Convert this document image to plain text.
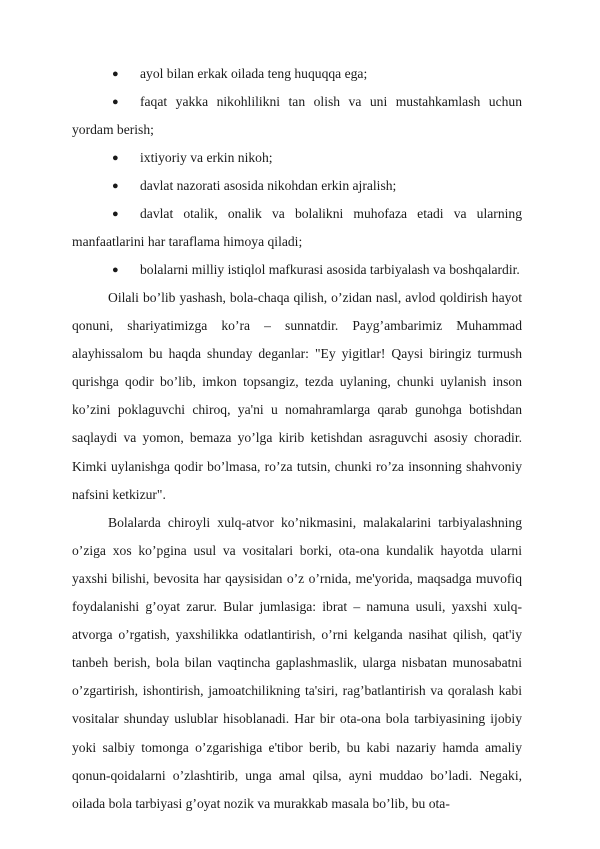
● ayol bilan erkak oilada teng huquqqa ega;
● faqat yakka nikohlilikni tan olish va uni mustahkamlash uchun yordam berish;
● ixtiyoriy va erkin nikoh;
● davlat nazorati asosida nikohdan erkin ajralish;
● davlat otalik, onalik va bolalikni muhofaza etadi va ularning manfaatlarini har taraflama himoya qiladi;
● bolalarni milliy istiqlol mafkurasi asosida tarbiyalash va boshqalardir.

Oilali bo’lib yashash, bola-chaqa qilish, o’zidan nasl, avlod qoldirish hayot qonuni, shariyatimizga ko’ra – sunnatdir. Payg’ambarimiz Muhammad alayhissalom bu haqda shunday deganlar: "Ey yigitlar! Qaysi biringiz turmush qurishga qodir bo’lib, imkon topsangiz, tezda uylaning, chunki uylanish inson ko’zini poklaguvchi chiroq, ya'ni u nomahramlarga qarab gunohga botishdan saqlaydi va yomon, bemaza yo’lga kirib ketishdan asraguvchi asosiy choradir. Kimki uylanishga qodir bo’lmasa, ro’za tutsin, chunki ro’za insonning shahvoniy nafsini ketkizur".

Bolalarda chiroyli xulq-atvor ko’nikmasini, malakalarini tarbiyalashning o’ziga xos ko’pgina usul va vositalari borki, ota-ona kundalik hayotda ularni yaxshi bilishi, bevosita har qaysisidan o’z o’rnida, me'yorida, maqsadga muvofiq foydalanishi g’oyat zarur. Bular jumlasiga: ibrat – namuna usuli, yaxshi xulq-atvorga o’rgatish, yaxshilikka odatlantirish, o’rni kelganda nasihat qilish, qat'iy tanbeh berish, bola bilan vaqtincha gaplashmaslik, ularga nisbatan munosabatni o’zgartirish, ishontirish, jamoatchilikning ta'siri, rag’batlantirish va qoralash kabi vositalar shunday uslublar hisoblanadi. Har bir ota-ona bola tarbiyasining ijobiy yoki salbiy tomonga o’zgarishiga e'tibor berib, bu kabi nazariy hamda amaliy qonun-qoidalarni o’zlashtirib, unga amal qilsa, ayni muddao bo’ladi. Negaki, oilada bola tarbiyasi g’oyat nozik va murakkab masala bo’lib, bu ota-
